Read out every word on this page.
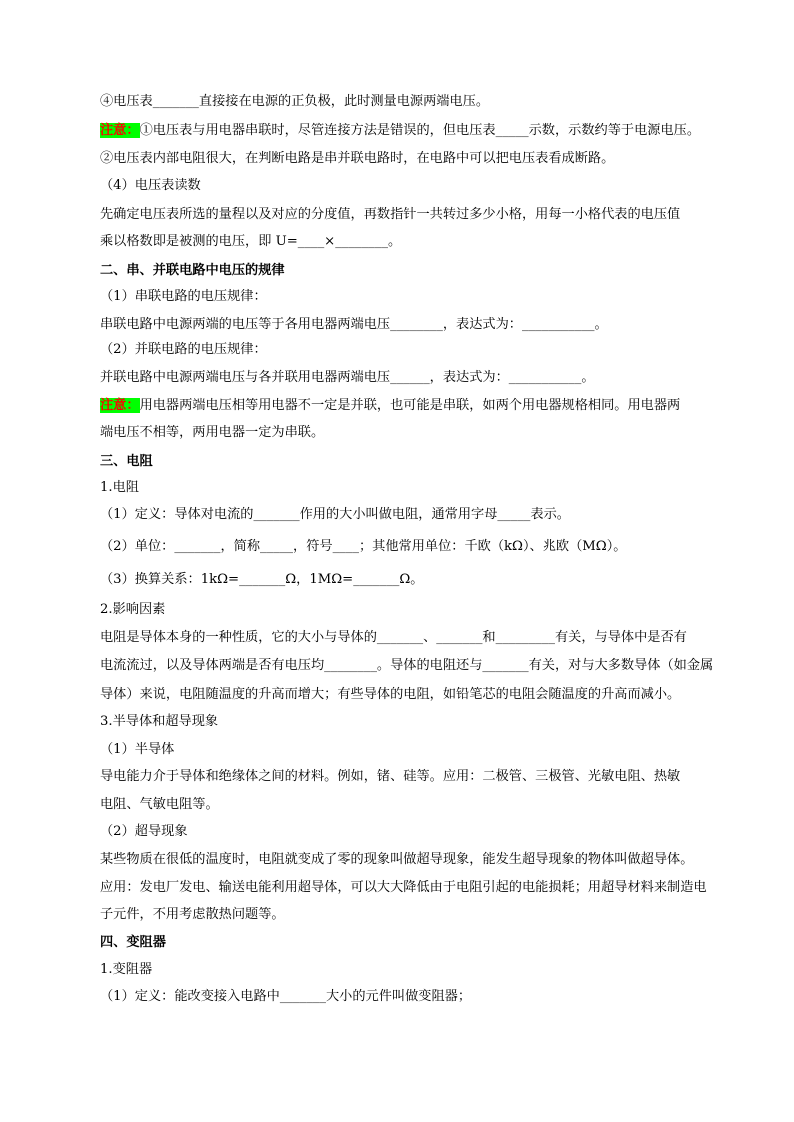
④电压表_______直接接在电源的正负极，此时测量电源两端电压。
注意：①电压表与用电器串联时，尽管连接方法是错误的，但电压表_____示数，示数约等于电源电压。
②电压表内部电阻很大，在判断电路是串并联电路时，在电路中可以把电压表看成断路。
（4）电压表读数
先确定电压表所选的量程以及对应的分度值，再数指针一共转过多少小格，用每一小格代表的电压值
乘以格数即是被测的电压，即 U=____×________。
二、串、并联电路中电压的规律
（1）串联电路的电压规律：
串联电路中电源两端的电压等于各用电器两端电压________，表达式为：___________。
（2）并联电路的电压规律：
并联电路中电源两端电压与各并联用电器两端电压______，表达式为：___________。
注意：用电器两端电压相等用电器不一定是并联，也可能是串联，如两个用电器规格相同。用电器两
端电压不相等，两用电器一定为串联。
三、电阻
1.电阻
（1）定义：导体对电流的_______作用的大小叫做电阻，通常用字母_____表示。
（2）单位：_______，简称_____，符号____；其他常用单位：千欧（kΩ）、兆欧（MΩ）。
（3）换算关系：1kΩ=_______Ω，1MΩ=_______Ω。
2.影响因素
电阻是导体本身的一种性质，它的大小与导体的_______、_______和_________有关，与导体中是否有
电流流过，以及导体两端是否有电压均________。导体的电阻还与_______有关，对与大多数导体（如金属
导体）来说，电阻随温度的升高而增大；有些导体的电阻，如铅笔芯的电阻会随温度的升高而减小。
3.半导体和超导现象
（1）半导体
导电能力介于导体和绝缘体之间的材料。例如，锗、硅等。应用：二极管、三极管、光敏电阻、热敏
电阻、气敏电阻等。
（2）超导现象
某些物质在很低的温度时，电阻就变成了零的现象叫做超导现象，能发生超导现象的物体叫做超导体。
应用：发电厂发电、输送电能利用超导体，可以大大降低由于电阻引起的电能损耗；用超导材料来制造电
子元件，不用考虑散热问题等。
四、变阻器
1.变阻器
（1）定义：能改变接入电路中_______大小的元件叫做变阻器；
